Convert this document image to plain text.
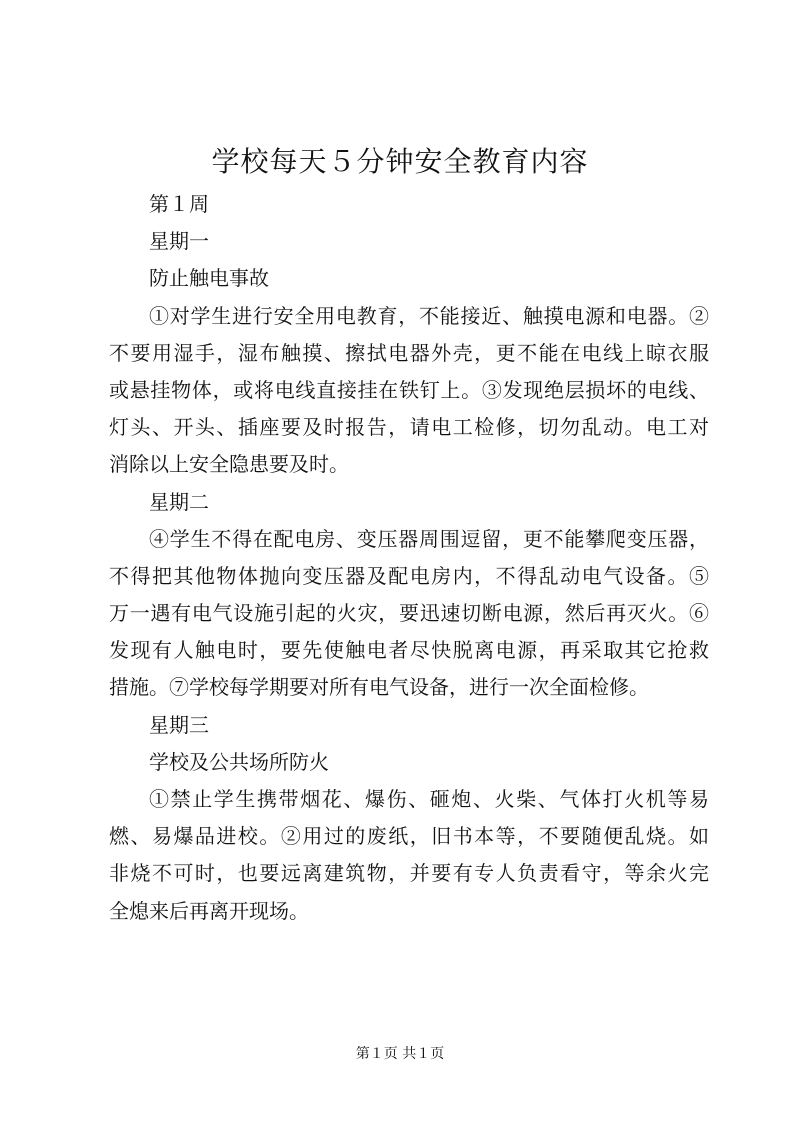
学校每天５分钟安全教育内容

第１周

星期一

防止触电事故

①对学生进行安全用电教育，不能接近、触摸电源和电器。②

不要用湿手，湿布触摸、擦拭电器外壳，更不能在电线上晾衣服

或悬挂物体，或将电线直接挂在铁钉上。③发现绝层损坏的电线、

灯头、开头、插座要及时报告，请电工检修，切勿乱动。电工对

消除以上安全隐患要及时。

星期二

④学生不得在配电房、变压器周围逗留，更不能攀爬变压器，

不得把其他物体抛向变压器及配电房内，不得乱动电气设备。⑤

万一遇有电气设施引起的火灾，要迅速切断电源，然后再灭火。⑥

发现有人触电时，要先使触电者尽快脱离电源，再采取其它抢救

措施。⑦学校每学期要对所有电气设备，进行一次全面检修。

星期三

学校及公共场所防火

①禁止学生携带烟花、爆伤、砸炮、火柴、气体打火机等易

燃、易爆品进校。②用过的废纸，旧书本等，不要随便乱烧。如

非烧不可时，也要远离建筑物，并要有专人负责看守，等余火完

全熄来后再离开现场。

第１页 共１页
